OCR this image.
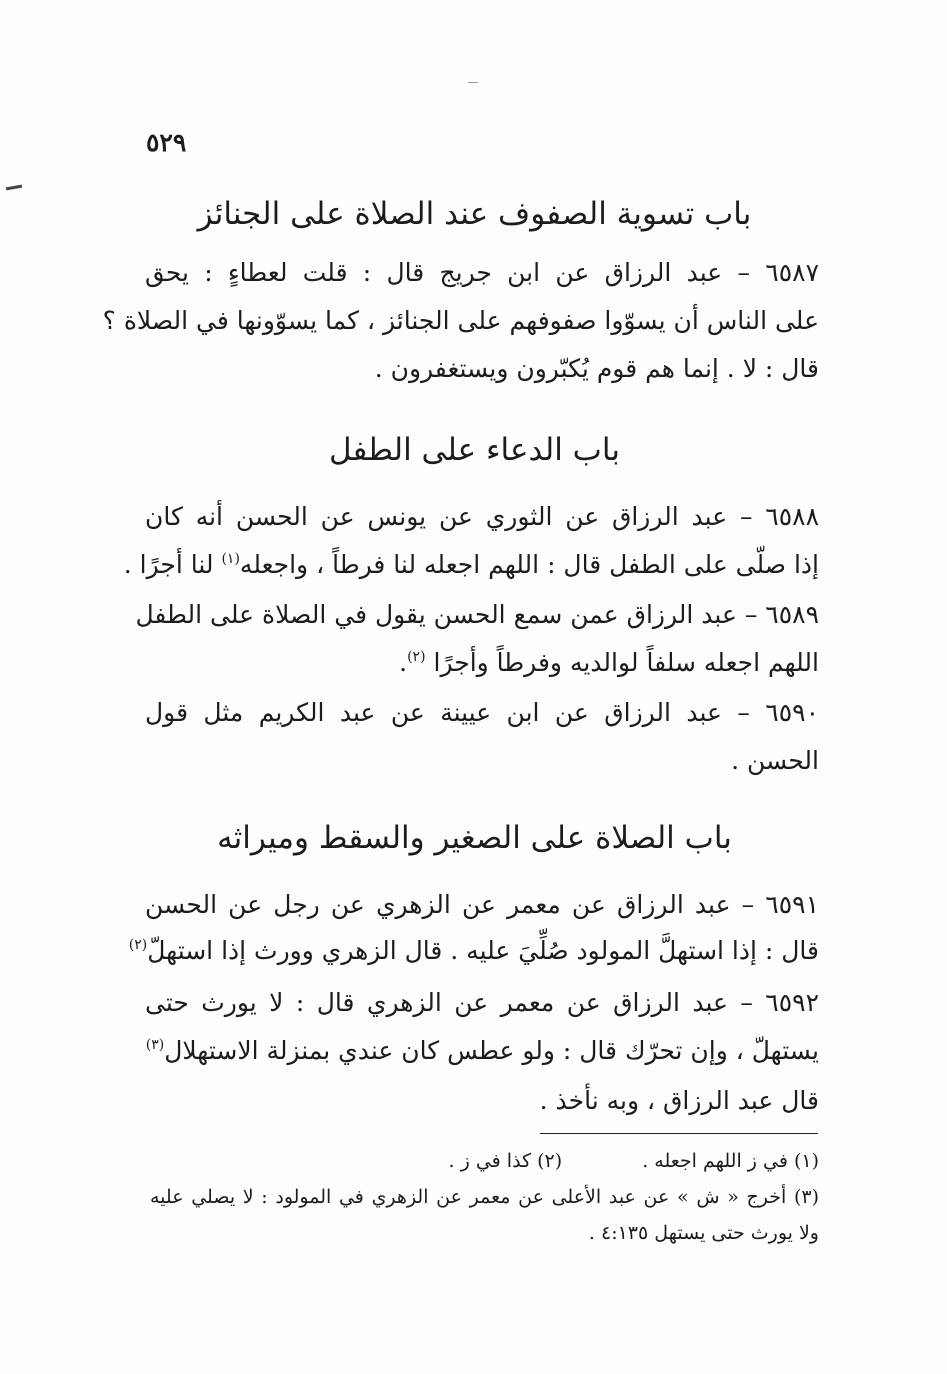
٥٢٩
باب تسوية الصفوف عند الصلاة على الجنائز
٦٥٨٧ – عبد الرزاق عن ابن جريج قال : قلت لعطاءٍ : يحق
على الناس أن يسوّوا صفوفهم على الجنائز ، كما يسوّونها في الصلاة ؟
قال : لا . إنما هم قوم يُكبّرون ويستغفرون .
باب الدعاء على الطفل
٦٥٨٨ – عبد الرزاق عن الثوري عن يونس عن الحسن أنه كان
إذا صلّى على الطفل قال : اللهم اجعله لنا فرطاً ، واجعله$^{(١)}$ لنا أجرًا .
٦٥٨٩ – عبد الرزاق عمن سمع الحسن يقول في الصلاة على الطفل
اللهم اجعله سلفاً لوالديه وفرطاً وأجرًا $^{(٢)}$.
٦٥٩٠ – عبد الرزاق عن ابن عيينة عن عبد الكريم مثل قول
الحسن .
باب الصلاة على الصغير والسقط وميراثه
٦٥٩١ – عبد الرزاق عن معمر عن الزهري عن رجل عن الحسن
قال : إذا استهلَّ المولود صُلِّيَ عليه . قال الزهري وورث إذا استهلّ$^{(٢)}$
٦٥٩٢ – عبد الرزاق عن معمر عن الزهري قال : لا يورث حتى
يستهلّ ، وإن تحرّك قال : ولو عطس كان عندي بمنزلة الاستهلال$^{(٣)}$
قال عبد الرزاق ، وبه نأخذ .
(١) في ز اللهم اجعله .
(٢) كذا في ز .
(٣) أخرج « ش » عن عبد الأعلى عن معمر عن الزهري في المولود : لا يصلي عليه
ولا يورث حتى يستهل ٤:١٣٥ .
